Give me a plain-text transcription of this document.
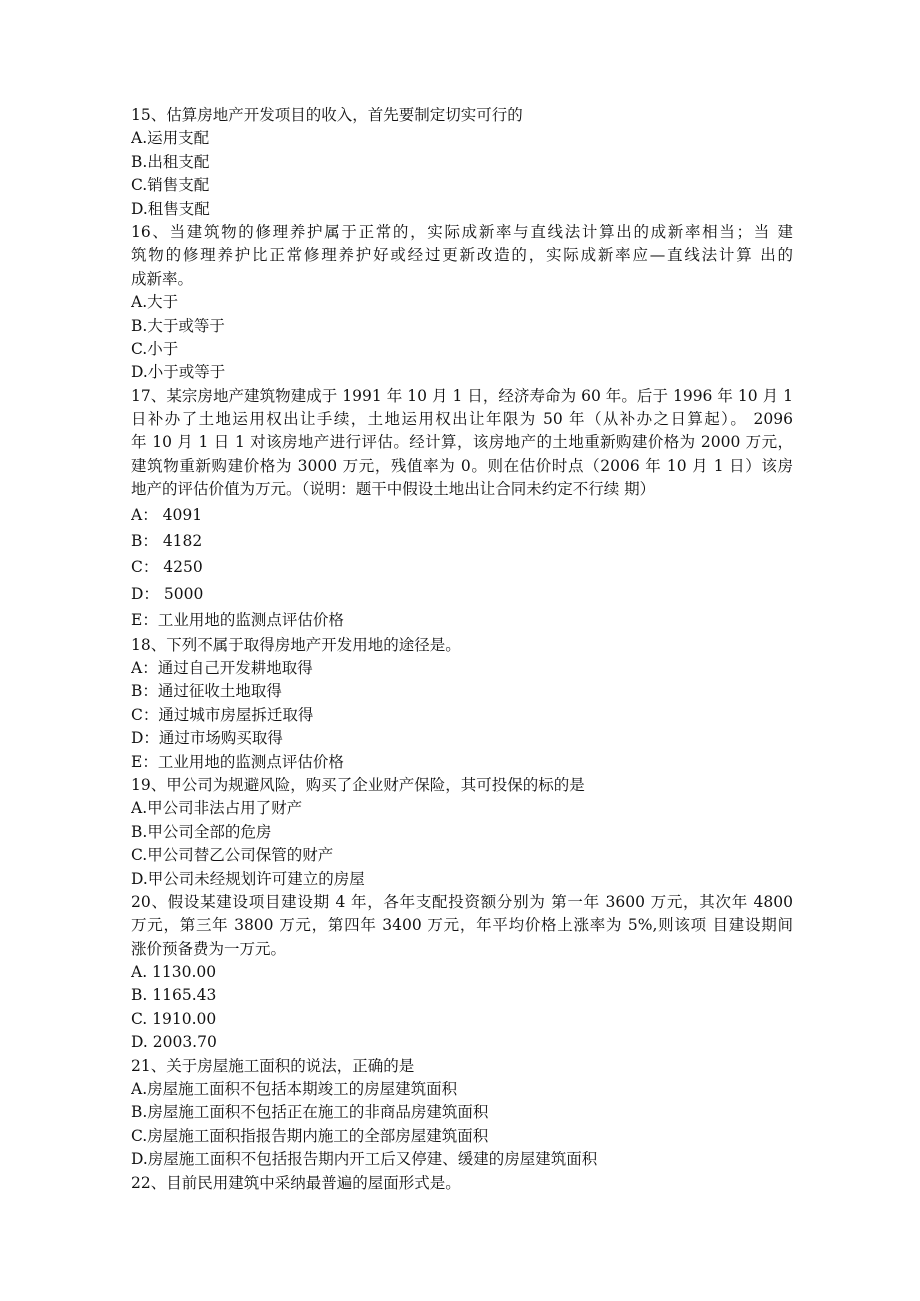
15、估算房地产开发项目的收入，首先要制定切实可行的
A.运用支配
B.出租支配
C.销售支配
D.租售支配
16、当建筑物的修理养护属于正常的，实际成新率与直线法计算出的成新率相当；当 建
筑物的修理养护比正常修理养护好或经过更新改造的，实际成新率应—直线法计算 出的
成新率。
A.大于
B.大于或等于
C.小于
D.小于或等于
17、某宗房地产建筑物建成于 1991 年 10 月 1 日，经济寿命为 60 年。后于 1996 年 10 月 1
日补办了土地运用权出让手续，土地运用权出让年限为 50 年（从补办之日算起）。 2096
年 10 月 1 日 1 对该房地产进行评估。经计算，该房地产的土地重新购建价格为 2000 万元，
建筑物重新购建价格为 3000 万元，残值率为 0。则在估价时点（2006 年 10 月 1 日）该房
地产的评估价值为万元。（说明：题干中假设土地出让合同未约定不行续 期）
A： 4091
B： 4182
C： 4250
D： 5000
E：工业用地的监测点评估价格
18、下列不属于取得房地产开发用地的途径是。
A：通过自己开发耕地取得
B：通过征收土地取得
C：通过城市房屋拆迁取得
D：通过市场购买取得
E：工业用地的监测点评估价格
19、甲公司为规避风险，购买了企业财产保险，其可投保的标的是
A.甲公司非法占用了财产
B.甲公司全部的危房
C.甲公司替乙公司保管的财产
D.甲公司未经规划许可建立的房屋
20、假设某建设项目建设期 4 年，各年支配投资额分别为 第一年 3600 万元，其次年 4800
万元，第三年 3800 万元，第四年 3400 万元，年平均价格上涨率为 5%,则该项 目建设期间
涨价预备费为一万元。
A. 1130.00
B. 1165.43
C. 1910.00
D. 2003.70
21、关于房屋施工面积的说法，正确的是
A.房屋施工面积不包括本期竣工的房屋建筑面积
B.房屋施工面积不包括正在施工的非商品房建筑面积
C.房屋施工面积指报告期内施工的全部房屋建筑面积
D.房屋施工面积不包括报告期内开工后又停建、缓建的房屋建筑面积
22、目前民用建筑中采纳最普遍的屋面形式是。
